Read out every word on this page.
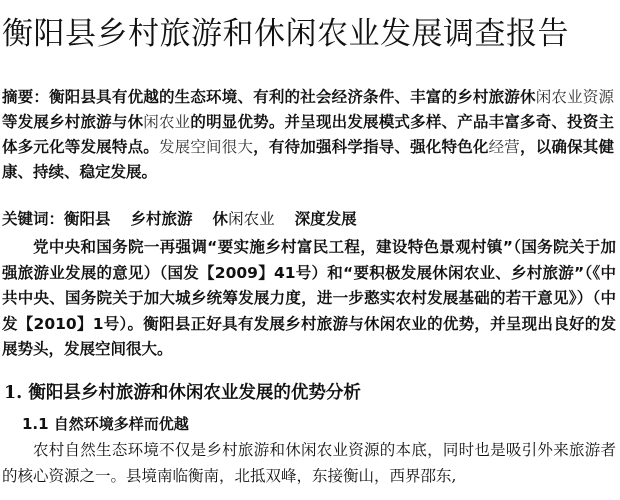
衡阳县乡村旅游和休闲农业发展调查报告

摘要：衡阳县具有优越的生态环境、有利的社会经济条件、丰富的乡村旅游休闲农业资源等发展乡村旅游与休闲农业的明显优势。并呈现出发展模式多样、产品丰富多奇、投资主体多元化等发展特点。发展空间很大，有待加强科学指导、强化特色化经营，以确保其健康、持续、稳定发展。

关键词：衡阳县 乡村旅游 休闲农业 深度发展

党中央和国务院一再强调“要实施乡村富民工程，建设特色景观村镇”（国务院关于加强旅游业发展的意见）（国发【2009】41号）和“要积极发展休闲农业、乡村旅游”（《中共中央、国务院关于加大城乡统筹发展力度，进一步憨实农村发展基础的若干意见》）（中发【2010】1号）。衡阳县正好具有发展乡村旅游与休闲农业的优势，并呈现出良好的发展势头，发展空间很大。

1. 衡阳县乡村旅游和休闲农业发展的优势分析
1.1 自然环境多样而优越

农村自然生态环境不仅是乡村旅游和休闲农业资源的本底，同时也是吸引外来旅游者的核心资源之一。县境南临衡南，北抵双峰，东接衡山，西界邵东,
